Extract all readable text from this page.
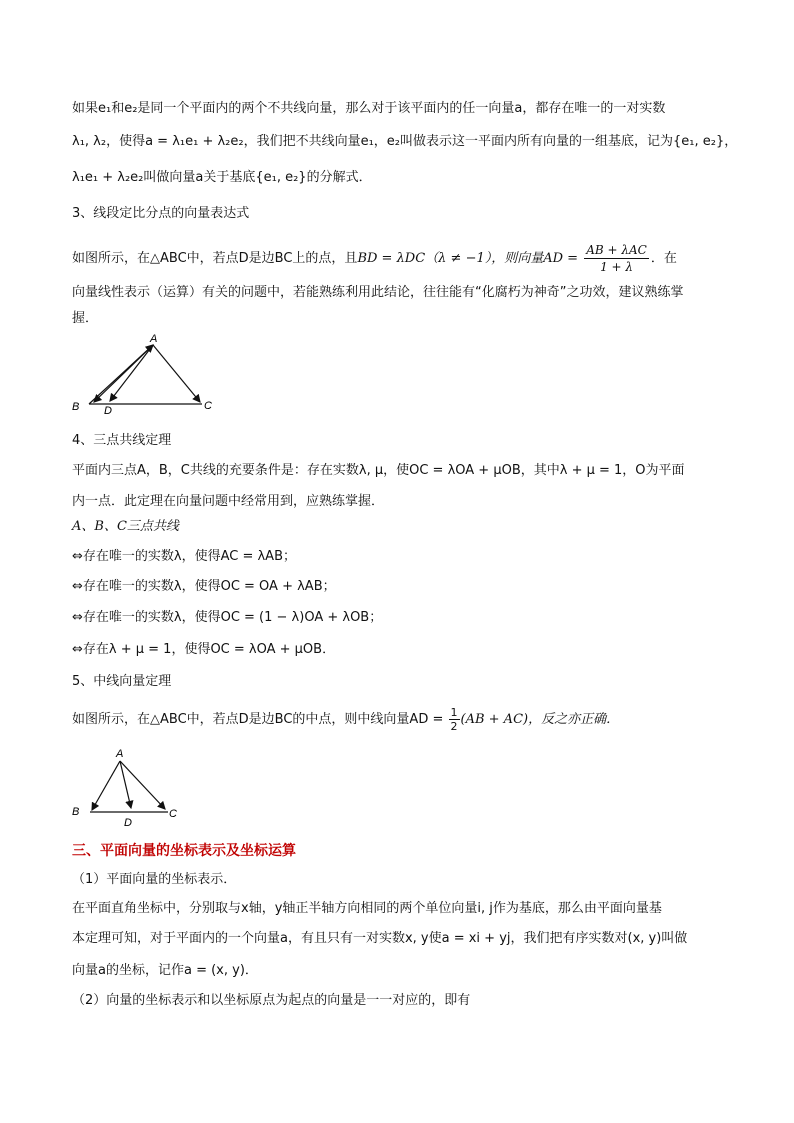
如果e₁和e₂是同一个平面内的两个不共线向量，那么对于该平面内的任一向量a，都存在唯一的一对实数
λ₁, λ₂，使得a = λ₁e₁ + λ₂e₂，我们把不共线向量e₁，e₂叫做表示这一平面内所有向量的一组基底，记为{e₁, e₂}，
λ₁e₁ + λ₂e₂叫做向量a关于基底{e₁, e₂}的分解式．
3、线段定比分点的向量表达式
如图所示，在△ABC中，若点D是边BC上的点，且BD = λDC（λ ≠ −1），则向量AD =
AB + λAC
1 + λ
．在
向量线性表示（运算）有关的问题中，若能熟练利用此结论，往往能有“化腐朽为神奇”之功效，建议熟练掌
握．
A
B	C
D
4、三点共线定理
平面内三点A，B，C共线的充要条件是：存在实数λ, μ，使OC = λOA + μOB，其中λ + μ = 1，O为平面
内一点．此定理在向量问题中经常用到，应熟练掌握．
A、B、C三点共线
⇔存在唯一的实数λ，使得AC = λAB；
⇔存在唯一的实数λ，使得OC = OA + λAB；
⇔存在唯一的实数λ，使得OC = (1 − λ)OA + λOB；
⇔存在λ + μ = 1，使得OC = λOA + μOB．
5、中线向量定理
如图所示，在△ABC中，若点D是边BC的中点，则中线向量AD = $\frac{1}{2} (AB + AC)$，反之亦正确．
A
B	C
D
三、平面向量的坐标表示及坐标运算
（1）平面向量的坐标表示．
在平面直角坐标中，分别取与x轴，y轴正半轴方向相同的两个单位向量i, j作为基底，那么由平面向量基
本定理可知，对于平面内的一个向量a，有且只有一对实数x, y使a = xi + yj，我们把有序实数对(x, y)叫做
向量a的坐标，记作a = (x, y)．
（2）向量的坐标表示和以坐标原点为起点的向量是一一对应的，即有
